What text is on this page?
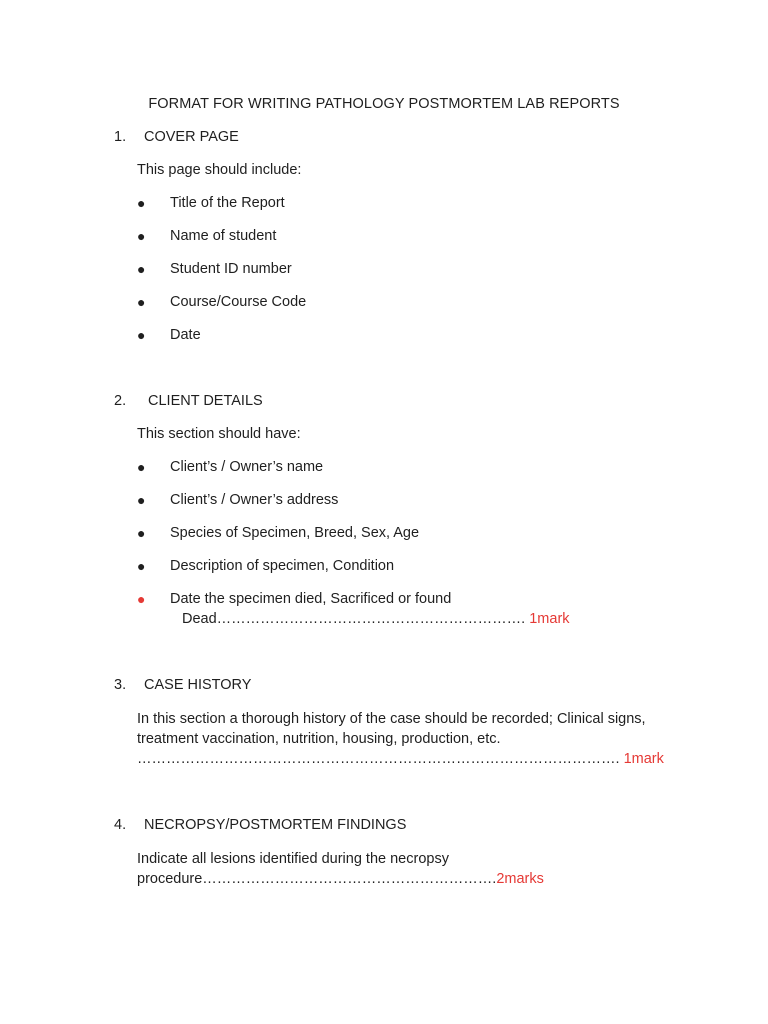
FORMAT FOR WRITING PATHOLOGY POSTMORTEM LAB REPORTS
1. COVER PAGE
This page should include:
● Title of the Report
● Name of student
● Student ID number
● Course/Course Code
● Date
2. CLIENT DETAILS
This section should have:
● Client’s / Owner’s name
● Client’s / Owner’s address
● Species of Specimen, Breed, Sex, Age
● Description of specimen, Condition
● Date the specimen died, Sacrificed or found
Dead………………………………………………………. 1mark
3. CASE HISTORY
In this section a thorough history of the case should be recorded; Clinical signs,
treatment vaccination, nutrition, housing, production, etc.
………………………………………………………………………………………. 1mark
4. NECROPSY/POSTMORTEM FINDINGS
Indicate all lesions identified during the necropsy
procedure…………………………………………………….2marks
